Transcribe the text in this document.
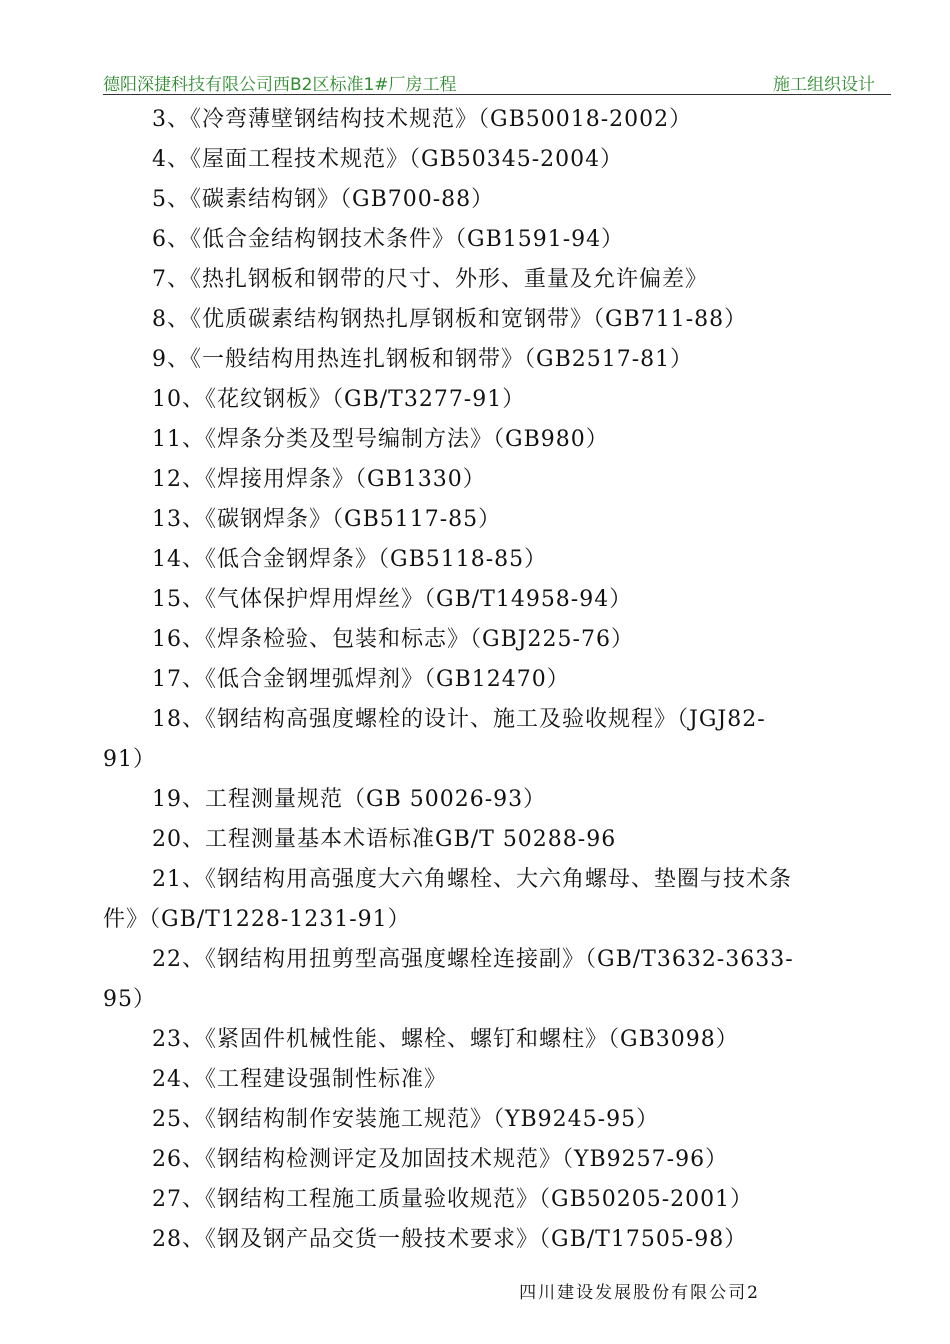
德阳深捷科技有限公司西B2区标准1#厂房工程	施工组织设计
3、《冷弯薄壁钢结构技术规范》（GB50018-2002）
4、《屋面工程技术规范》（GB50345-2004）
5、《碳素结构钢》（GB700-88）
6、《低合金结构钢技术条件》（GB1591-94）
7、《热扎钢板和钢带的尺寸、外形、重量及允许偏差》
8、《优质碳素结构钢热扎厚钢板和宽钢带》（GB711-88）
9、《一般结构用热连扎钢板和钢带》（GB2517-81）
10、《花纹钢板》（GB/T3277-91）
11、《焊条分类及型号编制方法》（GB980）
12、《焊接用焊条》（GB1330）
13、《碳钢焊条》（GB5117-85）
14、《低合金钢焊条》（GB5118-85）
15、《气体保护焊用焊丝》（GB/T14958-94）
16、《焊条检验、包装和标志》（GBJ225-76）
17、《低合金钢埋弧焊剂》（GB12470）
18、《钢结构高强度螺栓的设计、施工及验收规程》（JGJ82-
91）
19、工程测量规范（GB 50026-93）
20、工程测量基本术语标准GB/T 50288-96
21、《钢结构用高强度大六角螺栓、大六角螺母、垫圈与技术条
件》（GB/T1228-1231-91）
22、《钢结构用扭剪型高强度螺栓连接副》（GB/T3632-3633-
95）
23、《紧固件机械性能、螺栓、螺钉和螺柱》（GB3098）
24、《工程建设强制性标准》
25、《钢结构制作安装施工规范》（YB9245-95）
26、《钢结构检测评定及加固技术规范》（YB9257-96）
27、《钢结构工程施工质量验收规范》（GB50205-2001）
28、《钢及钢产品交货一般技术要求》（GB/T17505-98）
四川建设发展股份有限公司2
